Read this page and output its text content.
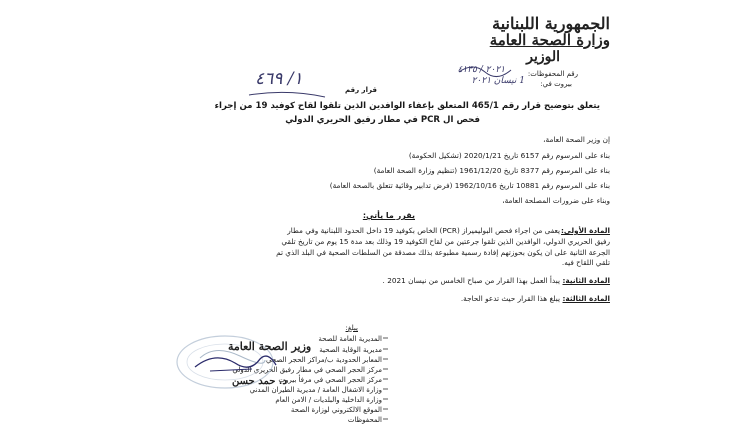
الجمهورية اللبنانية
وزارة الصحة العامة
الوزير
رقم المحفوظات:
٢٠٢١ / ٤١٣٥
بيروت في:
1 نيسان ٢٠٢١
قرار رقم
١/ ٤٦٩
يتعلق بتوضيح قرار رقم 465/1 المتعلق بإعفاء الوافدين الذين تلقوا لقاح كوفيد 19 من إجراء
فحص ال PCR في مطار رفيق الحريري الدولي
إن وزير الصحة العامة،
بناء على المرسوم رقم 6157 تاريخ 2020/1/21 (تشكيل الحكومة)
بناء على المرسوم رقم 8377 تاريخ 1961/12/20 (تنظيم وزارة الصحة العامة)
بناء على المرسوم رقم 10881 تاريخ 1962/10/16 (فرض تدابير وقائية تتعلق بالصحة العامة)
وبناء على ضرورات المصلحة العامة،
يقرر ما يأتي:
المادة الأولى:
يعفى من اجراء فحص البوليميراز (PCR) الخاص بكوفيد 19 داخل الحدود اللبنانية وفي مطار
رفيق الحريري الدولي، الوافدين الذين تلقوا جرعتين من لقاح الكوفيد 19 وذلك بعد مدة 15 يوم من تاريخ تلقي
الجرعة الثانية على ان يكون بحوزتهم إفادة رسمية مطبوعة بذلك مصدقة من السلطات الصحية في البلد الذي تم
تلقي اللقاح فيه.
المادة الثانية:
يبدأ العمل بهذا القرار من صباح الخامس من نيسان 2021 .
المادة الثالثة:
يبلغ هذا القرار حيث تدعو الحاجة.
يبلغ:
المديرية العامة للصحة
مديرية الوقاية الصحية
المعابر الحدودية ب/مراكز الحجر الصحي
مركز الحجر الصحي في مطار رفيق الحريري الدولي
مركز الحجر الصحي في مرفأ بيروت
وزارة الاشغال العامة / مديرية الطيران المدني
وزارة الداخلية والبلديات / الامن العام
الموقع الالكتروني لوزارة الصحة
المحفوظات
وزير الصحة العامة
د. حمد حسن
